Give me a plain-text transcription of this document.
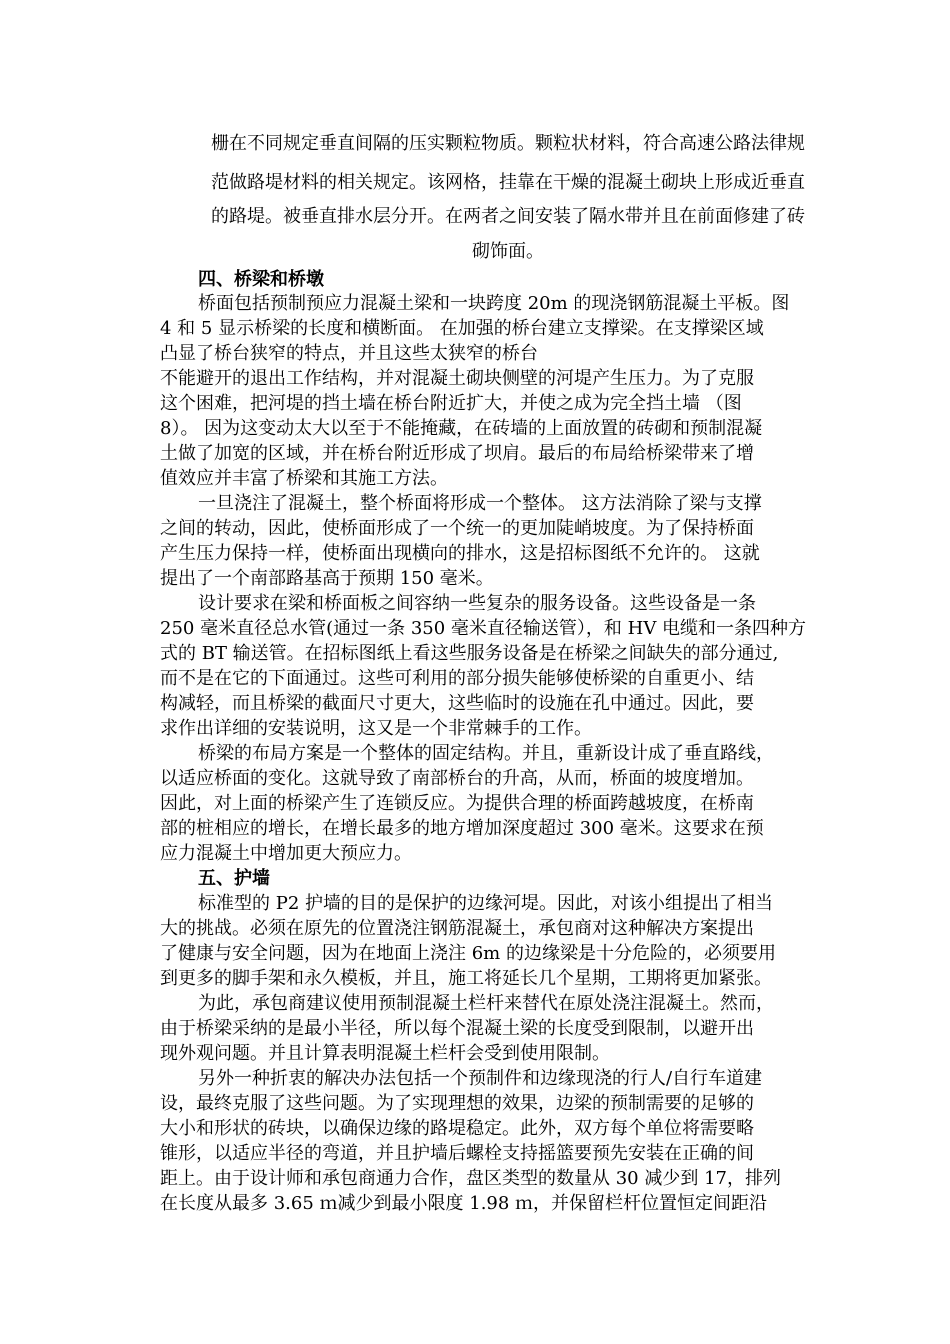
栅在不同规定垂直间隔的压实颗粒物质。颗粒状材料，符合高速公路法律规
范做路堤材料的相关规定。该网格，挂靠在干燥的混凝土砌块上形成近垂直
的路堤。被垂直排水层分开。在两者之间安装了隔水带并且在前面修建了砖
砌饰面。
四、桥梁和桥墩
桥面包括预制预应力混凝土梁和一块跨度 20m 的现浇钢筋混凝土平板。图
4 和 5 显示桥梁的长度和横断面。 在加强的桥台建立支撑梁。在支撑梁区域
凸显了桥台狭窄的特点，并且这些太狭窄的桥台
不能避开的退出工作结构，并对混凝土砌块侧壁的河堤产生压力。为了克服
这个困难，把河堤的挡土墙在桥台附近扩大，并使之成为完全挡土墙 （图
8）。 因为这变动太大以至于不能掩藏，在砖墙的上面放置的砖砌和预制混凝
土做了加宽的区域，并在桥台附近形成了坝肩。最后的布局给桥梁带来了增
值效应并丰富了桥梁和其施工方法。
一旦浇注了混凝土，整个桥面将形成一个整体。 这方法消除了梁与支撑
之间的转动，因此，使桥面形成了一个统一的更加陡峭坡度。为了保持桥面
产生压力保持一样，使桥面出现横向的排水，这是招标图纸不允许的。 这就
提出了一个南部路基高于预期 150 毫米。
设计要求在梁和桥面板之间容纳一些复杂的服务设备。这些设备是一条
250 毫米直径总水管(通过一条 350 毫米直径输送管），和 HV 电缆和一条四种方
式的 BT 输送管。在招标图纸上看这些服务设备是在桥梁之间缺失的部分通过,
而不是在它的下面通过。这些可利用的部分损失能够使桥梁的自重更小、结
构减轻，而且桥梁的截面尺寸更大，这些临时的设施在孔中通过。因此，要
求作出详细的安装说明，这又是一个非常棘手的工作。
桥梁的布局方案是一个整体的固定结构。并且，重新设计成了垂直路线，
以适应桥面的变化。这就导致了南部桥台的升高，从而，桥面的坡度增加。
因此，对上面的桥梁产生了连锁反应。为提供合理的桥面跨越坡度，在桥南
部的桩相应的增长，在增长最多的地方增加深度超过 300 毫米。这要求在预
应力混凝土中增加更大预应力。
五、护墙
标准型的 P2 护墙的目的是保护的边缘河堤。因此，对该小组提出了相当
大的挑战。必须在原先的位置浇注钢筋混凝土，承包商对这种解决方案提出
了健康与安全问题，因为在地面上浇注 6m 的边缘梁是十分危险的，必须要用
到更多的脚手架和永久模板，并且，施工将延长几个星期，工期将更加紧张。
为此，承包商建议使用预制混凝土栏杆来替代在原处浇注混凝土。然而，
由于桥梁采纳的是最小半径，所以每个混凝土梁的长度受到限制，以避开出
现外观问题。并且计算表明混凝土栏杆会受到使用限制。
另外一种折衷的解决办法包括一个预制件和边缘现浇的行人/自行车道建
设，最终克服了这些问题。为了实现理想的效果，边梁的预制需要的足够的
大小和形状的砖块，以确保边缘的路堤稳定。此外，双方每个单位将需要略
锥形，以适应半径的弯道，并且护墙后螺栓支持摇篮要预先安装在正确的间
距上。由于设计师和承包商通力合作，盘区类型的数量从 30 减少到 17，排列
在长度从最多 3.65 ｍ减少到最小限度 1.98 ｍ，并保留栏杆位置恒定间距沿
